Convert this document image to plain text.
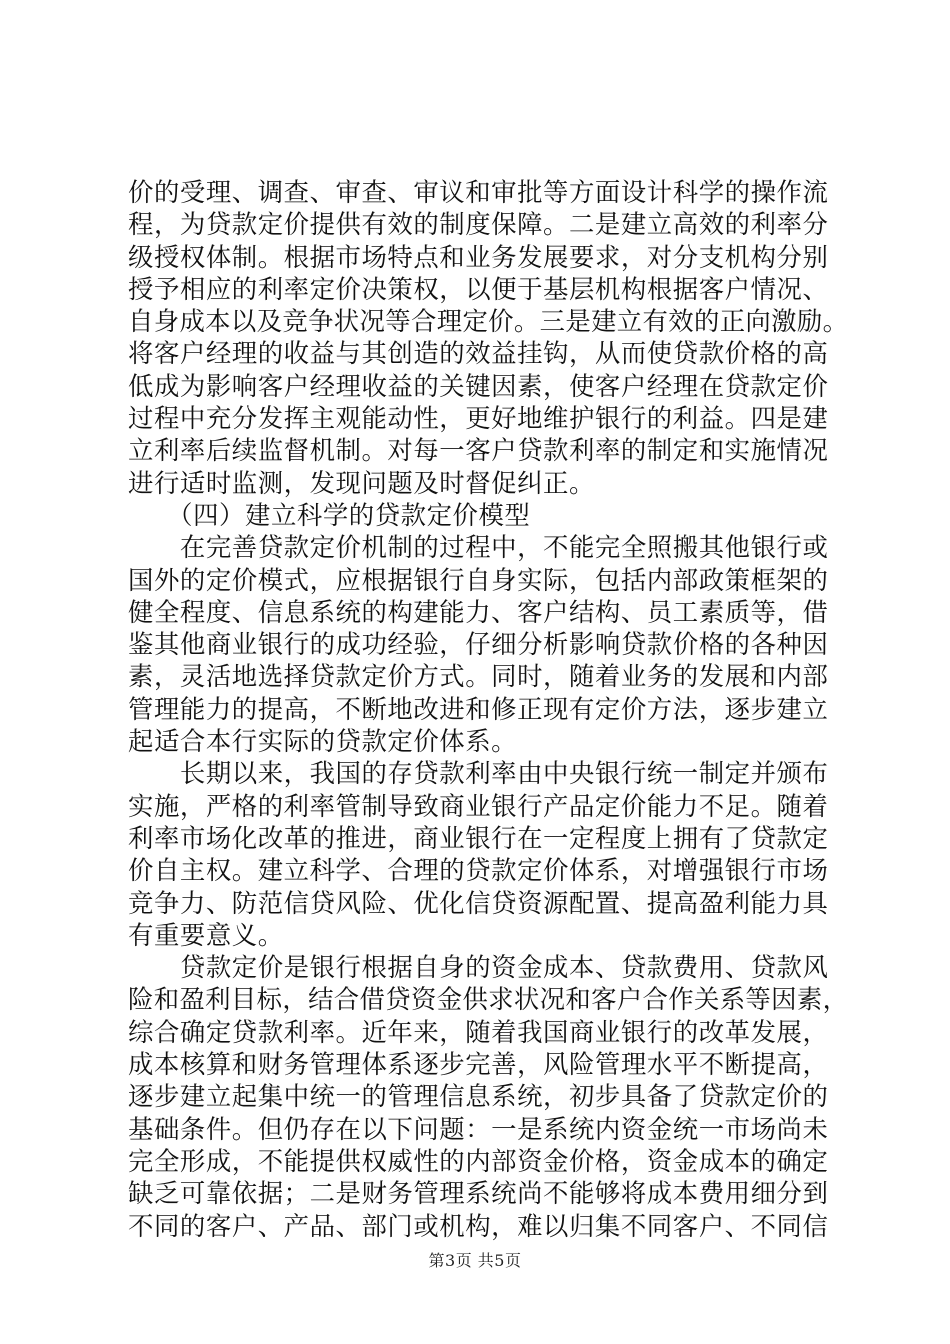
价的受理、调查、审查、审议和审批等方面设计科学的操作流
程，为贷款定价提供有效的制度保障。二是建立高效的利率分
级授权体制。根据市场特点和业务发展要求，对分支机构分别
授予相应的利率定价决策权，以便于基层机构根据客户情况、
自身成本以及竞争状况等合理定价。三是建立有效的正向激励。
将客户经理的收益与其创造的效益挂钩，从而使贷款价格的高
低成为影响客户经理收益的关键因素，使客户经理在贷款定价
过程中充分发挥主观能动性，更好地维护银行的利益。四是建
立利率后续监督机制。对每一客户贷款利率的制定和实施情况
进行适时监测，发现问题及时督促纠正。
　　（四）建立科学的贷款定价模型
　　在完善贷款定价机制的过程中，不能完全照搬其他银行或
国外的定价模式，应根据银行自身实际，包括内部政策框架的
健全程度、信息系统的构建能力、客户结构、员工素质等，借
鉴其他商业银行的成功经验，仔细分析影响贷款价格的各种因
素，灵活地选择贷款定价方式。同时，随着业务的发展和内部
管理能力的提高，不断地改进和修正现有定价方法，逐步建立
起适合本行实际的贷款定价体系。
　　长期以来，我国的存贷款利率由中央银行统一制定并颁布
实施，严格的利率管制导致商业银行产品定价能力不足。随着
利率市场化改革的推进，商业银行在一定程度上拥有了贷款定
价自主权。建立科学、合理的贷款定价体系，对增强银行市场
竞争力、防范信贷风险、优化信贷资源配置、提高盈利能力具
有重要意义。
　　贷款定价是银行根据自身的资金成本、贷款费用、贷款风
险和盈利目标，结合借贷资金供求状况和客户合作关系等因素，
综合确定贷款利率。近年来，随着我国商业银行的改革发展，
成本核算和财务管理体系逐步完善，风险管理水平不断提高，
逐步建立起集中统一的管理信息系统，初步具备了贷款定价的
基础条件。但仍存在以下问题：一是系统内资金统一市场尚未
完全形成，不能提供权威性的内部资金价格，资金成本的确定
缺乏可靠依据；二是财务管理系统尚不能够将成本费用细分到
不同的客户、产品、部门或机构，难以归集不同客户、不同信
第3页 共5页
